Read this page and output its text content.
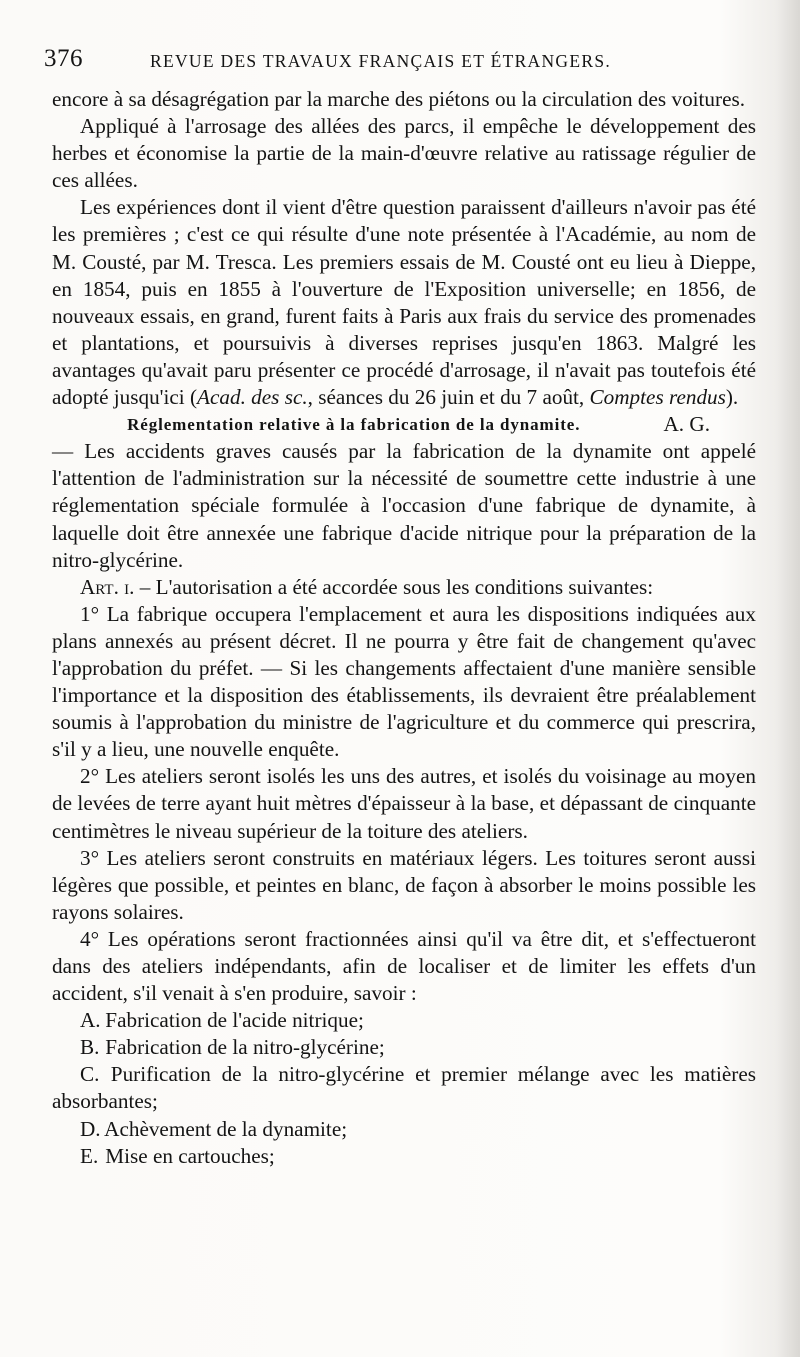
376	REVUE DES TRAVAUX FRANÇAIS ET ÉTRANGERS.

encore à sa désagrégation par la marche des piétons ou la circulation des voitures.

Appliqué à l'arrosage des allées des parcs, il empêche le développement des herbes et économise la partie de la main-d'œuvre relative au ratissage régulier de ces allées.

Les expériences dont il vient d'être question paraissent d'ailleurs n'avoir pas été les premières ; c'est ce qui résulte d'une note présentée à l'Académie, au nom de M. Cousté, par M. Tresca. Les premiers essais de M. Cousté ont eu lieu à Dieppe, en 1854, puis en 1855 à l'ouverture de l'Exposition universelle; en 1856, de nouveaux essais, en grand, furent faits à Paris aux frais du service des promenades et plantations, et poursuivis à diverses reprises jusqu'en 1863. Malgré les avantages qu'avait paru présenter ce procédé d'arrosage, il n'avait pas toutefois été adopté jusqu'ici (Acad. des sc., séances du 26 juin et du 7 août, Comptes rendus).
A. G.

Réglementation relative à la fabrication de la dynamite.

— Les accidents graves causés par la fabrication de la dynamite ont appelé l'attention de l'administration sur la nécessité de soumettre cette industrie à une réglementation spéciale formulée à l'occasion d'une fabrique de dynamite, à laquelle doit être annexée une fabrique d'acide nitrique pour la préparation de la nitro-glycérine.

Art. i. – L'autorisation a été accordée sous les conditions suivantes:

1° La fabrique occupera l'emplacement et aura les dispositions indiquées aux plans annexés au présent décret. Il ne pourra y être fait de changement qu'avec l'approbation du préfet. — Si les changements affectaient d'une manière sensible l'importance et la disposition des établissements, ils devraient être préalablement soumis à l'approbation du ministre de l'agriculture et du commerce qui prescrira, s'il y a lieu, une nouvelle enquête.

2° Les ateliers seront isolés les uns des autres, et isolés du voisinage au moyen de levées de terre ayant huit mètres d'épaisseur à la base, et dépassant de cinquante centimètres le niveau supérieur de la toiture des ateliers.

3° Les ateliers seront construits en matériaux légers. Les toitures seront aussi légères que possible, et peintes en blanc, de façon à absorber le moins possible les rayons solaires.

4° Les opérations seront fractionnées ainsi qu'il va être dit, et s'effectueront dans des ateliers indépendants, afin de localiser et de limiter les effets d'un accident, s'il venait à s'en produire, savoir :

A. Fabrication de l'acide nitrique;

B. Fabrication de la nitro-glycérine;

C. Purification de la nitro-glycérine et premier mélange avec les matières absorbantes;

D. Achèvement de la dynamite;

E. Mise en cartouches;
